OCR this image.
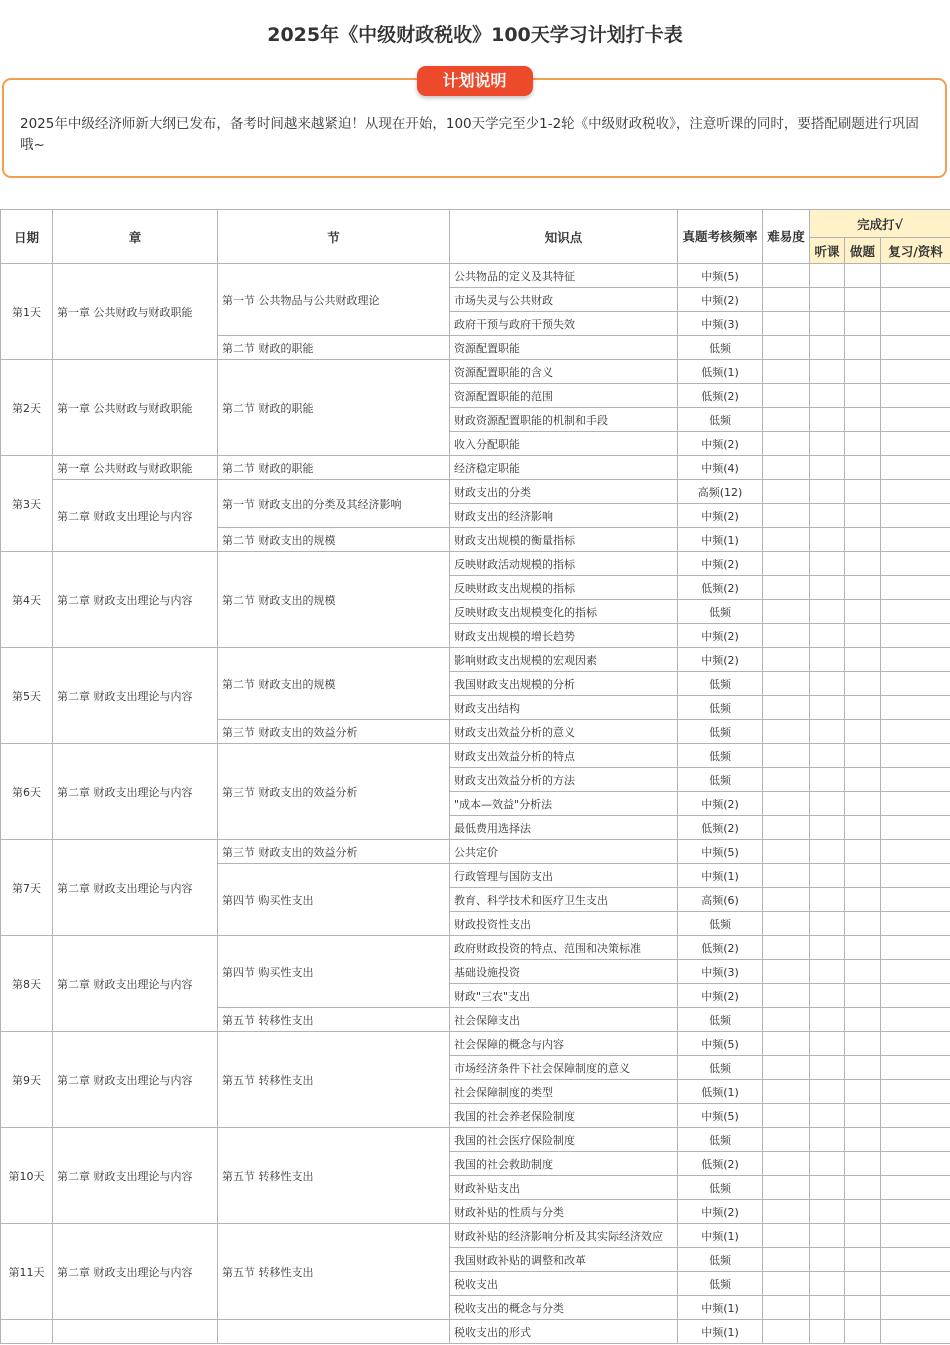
2025年《中级财政税收》100天学习计划打卡表
计划说明
2025年中级经济师新大纲已发布，备考时间越来越紧迫！从现在开始，100天学完至少1-2轮《中级财政税收》，注意听课的同时，要搭配刷题进行巩固哦~
日期	章	节	知识点	真题考核频率	难易度	完成打√		
						听课	做题	复习/资料
第1天	第一章 公共财政与财政职能	第一节 公共物品与公共财政理论	公共物品的定义及其特征	中频(5)				
			市场失灵与公共财政	中频(2)				
			政府干预与政府干预失效	中频(3)				
		第二节 财政的职能	资源配置职能	低频				
第2天	第一章 公共财政与财政职能	第二节 财政的职能	资源配置职能的含义	低频(1)				
			资源配置职能的范围	低频(2)				
			财政资源配置职能的机制和手段	低频				
			收入分配职能	中频(2)				
第3天	第一章 公共财政与财政职能	第二节 财政的职能	经济稳定职能	中频(4)				
	第二章 财政支出理论与内容	第一节 财政支出的分类及其经济影响	财政支出的分类	高频(12)				
			财政支出的经济影响	中频(2)				
		第二节 财政支出的规模	财政支出规模的衡量指标	中频(1)				
第4天	第二章 财政支出理论与内容	第二节 财政支出的规模	反映财政活动规模的指标	中频(2)				
			反映财政支出规模的指标	低频(2)				
			反映财政支出规模变化的指标	低频				
			财政支出规模的增长趋势	中频(2)				
第5天	第二章 财政支出理论与内容	第二节 财政支出的规模	影响财政支出规模的宏观因素	中频(2)				
			我国财政支出规模的分析	低频				
			财政支出结构	低频				
		第三节 财政支出的效益分析	财政支出效益分析的意义	低频				
第6天	第二章 财政支出理论与内容	第三节 财政支出的效益分析	财政支出效益分析的特点	低频				
			财政支出效益分析的方法	低频				
			"成本—效益"分析法	中频(2)				
			最低费用选择法	低频(2)				
第7天	第二章 财政支出理论与内容	第三节 财政支出的效益分析	公共定价	中频(5)				
		第四节 购买性支出	行政管理与国防支出	中频(1)				
			教育、科学技术和医疗卫生支出	高频(6)				
			财政投资性支出	低频				
第8天	第二章 财政支出理论与内容	第四节 购买性支出	政府财政投资的特点、范围和决策标准	低频(2)				
			基础设施投资	中频(3)				
			财政"三农"支出	中频(2)				
		第五节 转移性支出	社会保障支出	低频				
第9天	第二章 财政支出理论与内容	第五节 转移性支出	社会保障的概念与内容	中频(5)				
			市场经济条件下社会保障制度的意义	低频				
			社会保障制度的类型	低频(1)				
			我国的社会养老保险制度	中频(5)				
第10天	第二章 财政支出理论与内容	第五节 转移性支出	我国的社会医疗保险制度	低频				
			我国的社会救助制度	低频(2)				
			财政补贴支出	低频				
			财政补贴的性质与分类	中频(2)				
第11天	第二章 财政支出理论与内容	第五节 转移性支出	财政补贴的经济影响分析及其实际经济效应	中频(1)				
			我国财政补贴的调整和改革	低频				
			税收支出	低频				
			税收支出的概念与分类	中频(1)				
			税收支出的形式	中频(1)				
